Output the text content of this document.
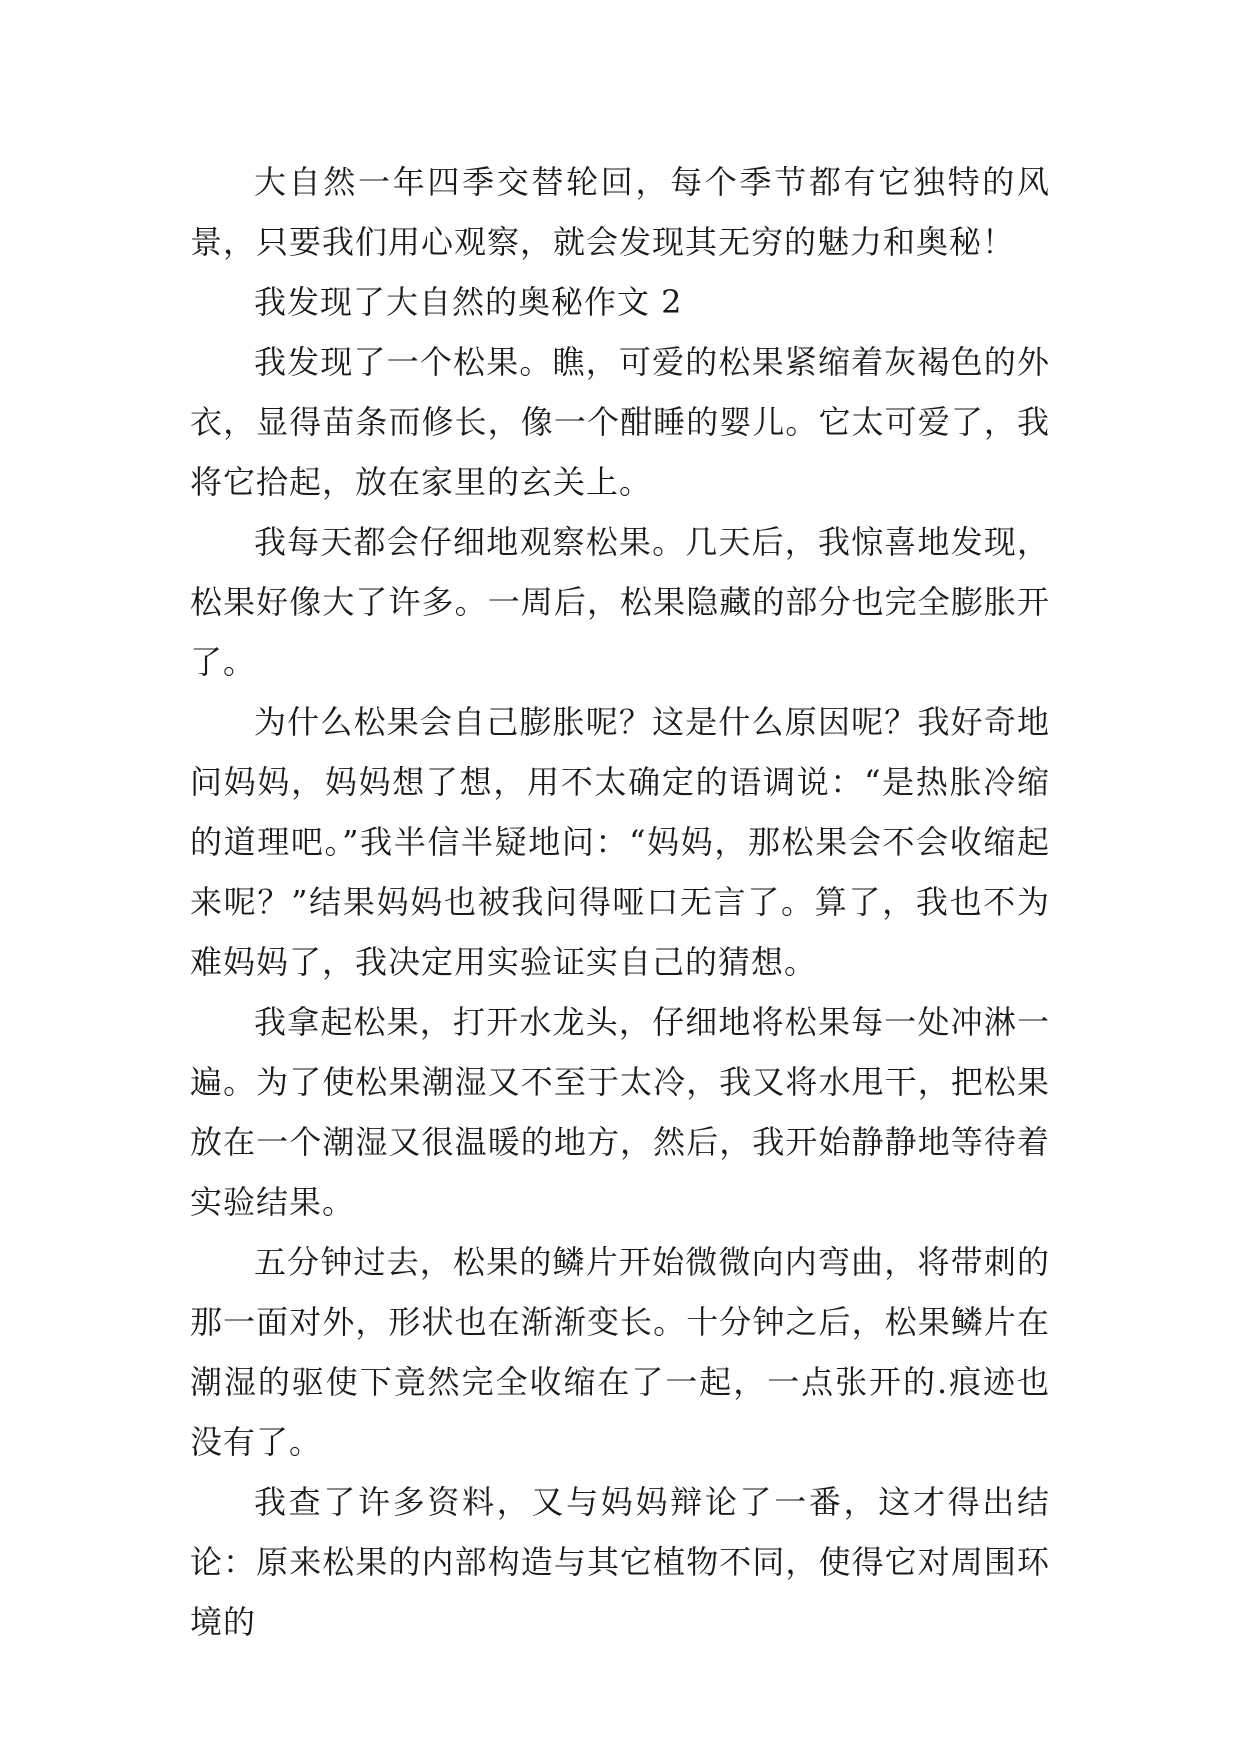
大自然一年四季交替轮回，每个季节都有它独特的风景，只要我们用心观察，就会发现其无穷的魅力和奥秘！

我发现了大自然的奥秘作文 2

我发现了一个松果。瞧，可爱的松果紧缩着灰褐色的外衣，显得苗条而修长，像一个酣睡的婴儿。它太可爱了，我将它拾起，放在家里的玄关上。

我每天都会仔细地观察松果。几天后，我惊喜地发现，松果好像大了许多。一周后，松果隐藏的部分也完全膨胀开了。

为什么松果会自己膨胀呢？这是什么原因呢？我好奇地问妈妈，妈妈想了想，用不太确定的语调说：“是热胀冷缩的道理吧。”我半信半疑地问：“妈妈，那松果会不会收缩起来呢？”结果妈妈也被我问得哑口无言了。算了，我也不为难妈妈了，我决定用实验证实自己的猜想。

我拿起松果，打开水龙头，仔细地将松果每一处冲淋一遍。为了使松果潮湿又不至于太冷，我又将水甩干，把松果放在一个潮湿又很温暖的地方，然后，我开始静静地等待着实验结果。

五分钟过去，松果的鳞片开始微微向内弯曲，将带刺的那一面对外，形状也在渐渐变长。十分钟之后，松果鳞片在潮湿的驱使下竟然完全收缩在了一起，一点张开的.痕迹也没有了。

我查了许多资料，又与妈妈辩论了一番，这才得出结论：原来松果的内部构造与其它植物不同，使得它对周围环境的
